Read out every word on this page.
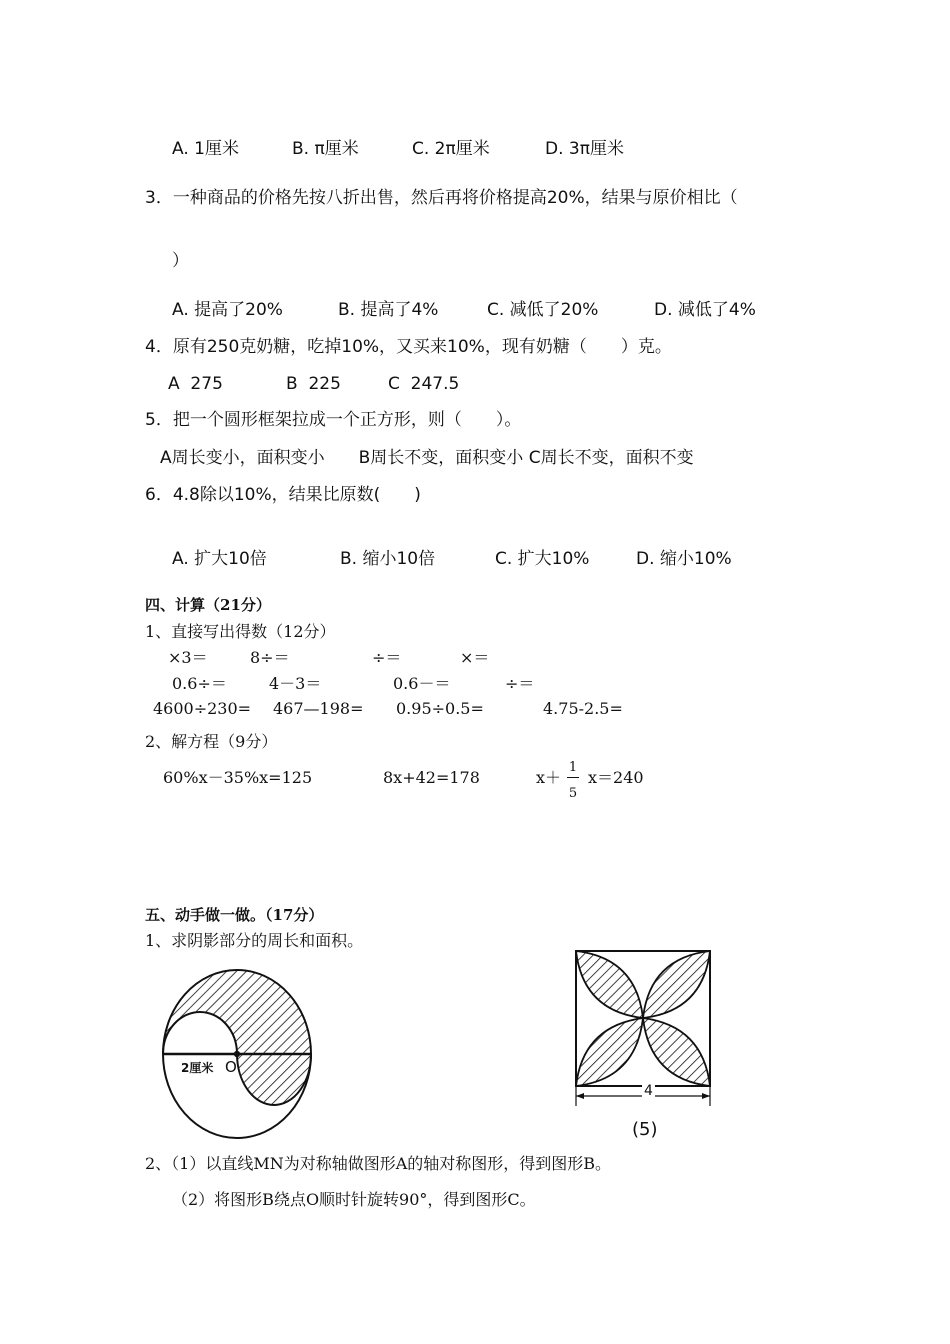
A. 1厘米	B. π厘米	C. 2π厘米	D. 3π厘米
3．一种商品的价格先按八折出售，然后再将价格提高20%，结果与原价相比（
）
A. 提高了20%	B. 提高了4%	C. 减低了20%	D. 减低了4%
4．原有250克奶糖，吃掉10%，又买来10%，现有奶糖（　　）克。
A  275	B  225	C  247.5
5．把一个圆形框架拉成一个正方形，则（　　）。
A周长变小，面积变小　　B周长不变，面积变小 C周长不变，面积不变
6．4.8除以10%，结果比原数(　　)
A. 扩大10倍	B. 缩小10倍	C. 扩大10%	D. 缩小10%
四、计算（21分）
1、直接写出得数（12分）
×3＝	8÷＝	÷＝	×＝
0.6÷＝	4－3＝	0.6－＝	÷＝
4600÷230= 467—198= 0.95÷0.5=	4.75-2.5=
2、解方程（9分）
60%x－35%x=125	8x+42=178	x＋
1
5
x＝240
五、动手做一做。（17分）
1、求阴影部分的周长和面积。
2厘米 O
4
(5)
2、（1）以直线MN为对称轴做图形A的轴对称图形，得到图形B。
（2）将图形B绕点O顺时针旋转90°，得到图形C。
